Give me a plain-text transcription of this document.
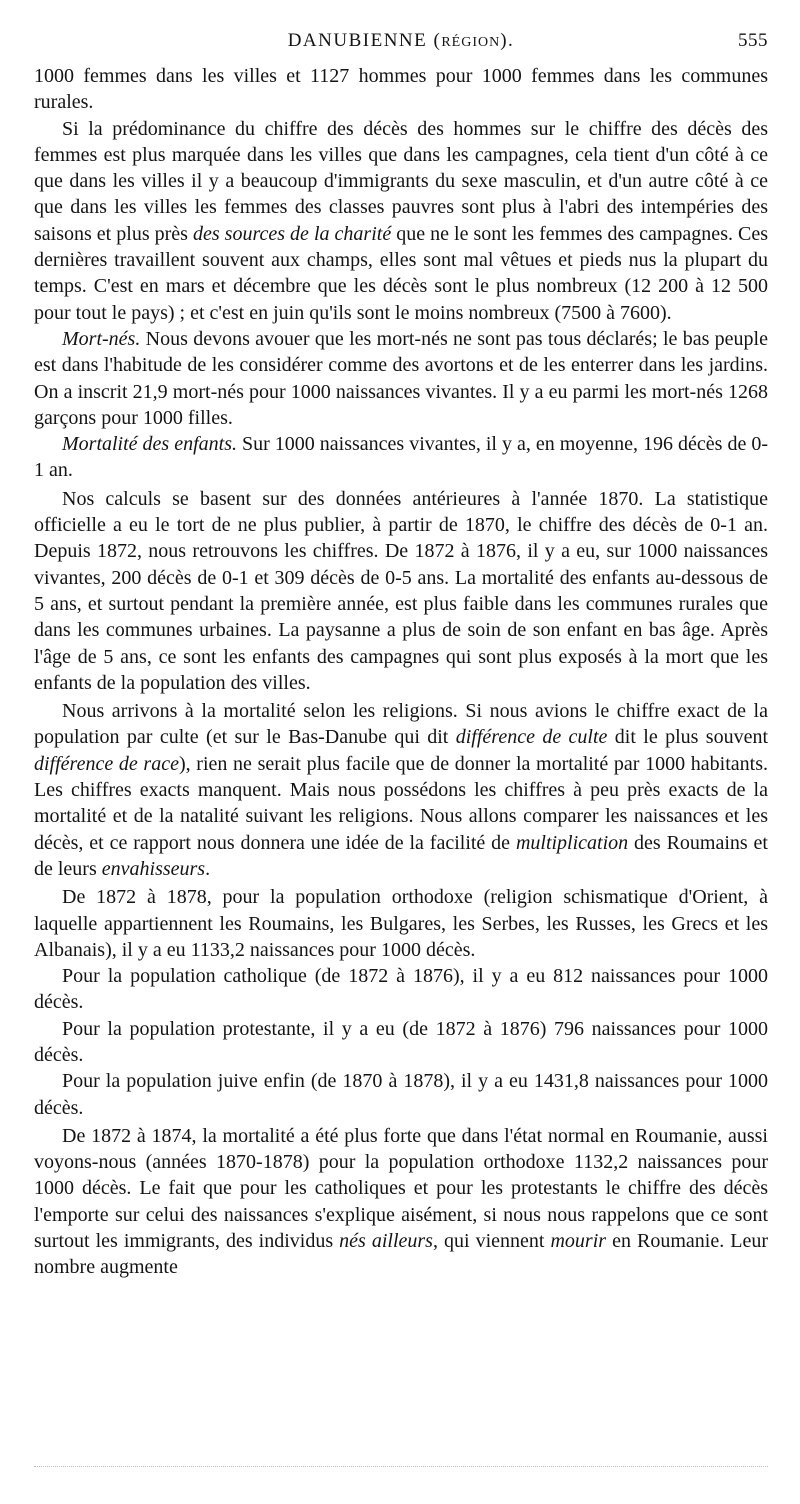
DANUBIENNE (RÉGION).	555

1000 femmes dans les villes et 1127 hommes pour 1000 femmes dans les communes rurales.

Si la prédominance du chiffre des décès des hommes sur le chiffre des décès des femmes est plus marquée dans les villes que dans les campagnes, cela tient d'un côté à ce que dans les villes il y a beaucoup d'immigrants du sexe masculin, et d'un autre côté à ce que dans les villes les femmes des classes pauvres sont plus à l'abri des intempéries des saisons et plus près des sources de la charité que ne le sont les femmes des campagnes. Ces dernières travaillent souvent aux champs, elles sont mal vêtues et pieds nus la plupart du temps. C'est en mars et décembre que les décès sont le plus nombreux (12 200 à 12 500 pour tout le pays) ; et c'est en juin qu'ils sont le moins nombreux (7500 à 7600).

Mort-nés. Nous devons avouer que les mort-nés ne sont pas tous déclarés; le bas peuple est dans l'habitude de les considérer comme des avortons et de les enterrer dans les jardins. On a inscrit 21,9 mort-nés pour 1000 naissances vivantes. Il y a eu parmi les mort-nés 1268 garçons pour 1000 filles.

Mortalité des enfants. Sur 1000 naissances vivantes, il y a, en moyenne, 196 décès de 0-1 an.

Nos calculs se basent sur des données antérieures à l'année 1870. La statistique officielle a eu le tort de ne plus publier, à partir de 1870, le chiffre des décès de 0-1 an. Depuis 1872, nous retrouvons les chiffres. De 1872 à 1876, il y a eu, sur 1000 naissances vivantes, 200 décès de 0-1 et 309 décès de 0-5 ans. La mortalité des enfants au-dessous de 5 ans, et surtout pendant la première année, est plus faible dans les communes rurales que dans les communes urbaines. La paysanne a plus de soin de son enfant en bas âge. Après l'âge de 5 ans, ce sont les enfants des campagnes qui sont plus exposés à la mort que les enfants de la population des villes.

Nous arrivons à la mortalité selon les religions. Si nous avions le chiffre exact de la population par culte (et sur le Bas-Danube qui dit différence de culte dit le plus souvent différence de race), rien ne serait plus facile que de donner la mortalité par 1000 habitants. Les chiffres exacts manquent. Mais nous possédons les chiffres à peu près exacts de la mortalité et de la natalité suivant les religions. Nous allons comparer les naissances et les décès, et ce rapport nous donnera une idée de la facilité de multiplication des Roumains et de leurs envahisseurs.

De 1872 à 1878, pour la population orthodoxe (religion schismatique d'Orient, à laquelle appartiennent les Roumains, les Bulgares, les Serbes, les Russes, les Grecs et les Albanais), il y a eu 1133,2 naissances pour 1000 décès.

Pour la population catholique (de 1872 à 1876), il y a eu 812 naissances pour 1000 décès.

Pour la population protestante, il y a eu (de 1872 à 1876) 796 naissances pour 1000 décès.

Pour la population juive enfin (de 1870 à 1878), il y a eu 1431,8 naissances pour 1000 décès.

De 1872 à 1874, la mortalité a été plus forte que dans l'état normal en Roumanie, aussi voyons-nous (années 1870-1878) pour la population orthodoxe 1132,2 naissances pour 1000 décès. Le fait que pour les catholiques et pour les protestants le chiffre des décès l'emporte sur celui des naissances s'explique aisément, si nous nous rappelons que ce sont surtout les immigrants, des individus nés ailleurs, qui viennent mourir en Roumanie. Leur nombre augmente
